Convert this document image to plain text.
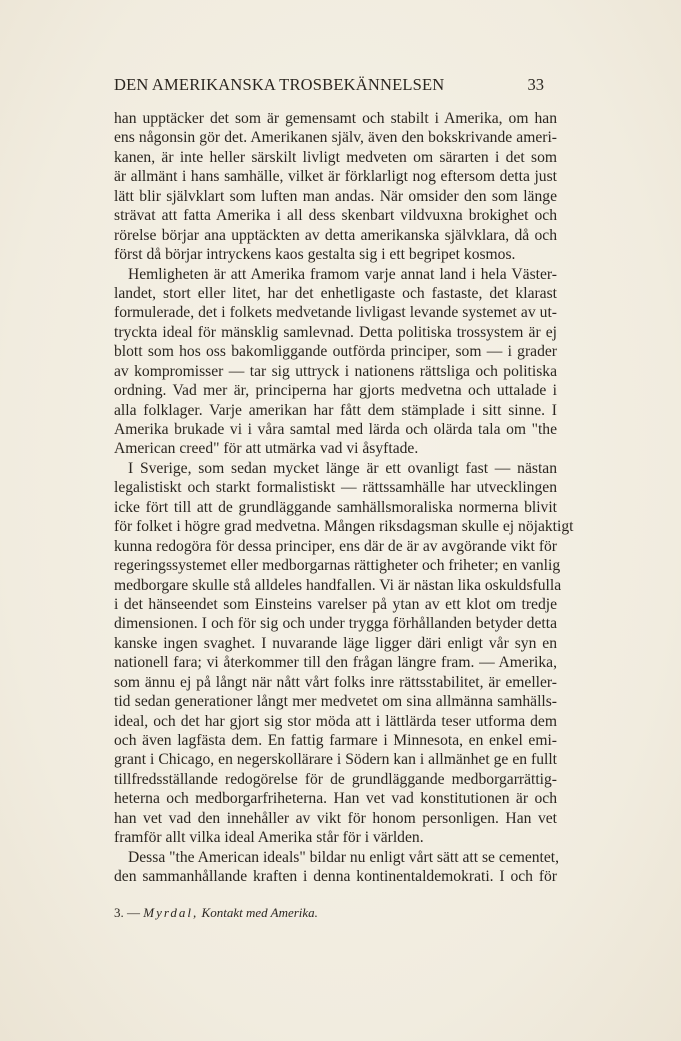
DEN AMERIKANSKA TROSBEKÄNNELSEN	33
han upptäcker det som är gemensamt och stabilt i Amerika, om han
ens någonsin gör det. Amerikanen själv, även den bokskrivande ameri-
kanen, är inte heller särskilt livligt medveten om särarten i det som
är allmänt i hans samhälle, vilket är förklarligt nog eftersom detta just
lätt blir självklart som luften man andas. När omsider den som länge
strävat att fatta Amerika i all dess skenbart vildvuxna brokighet och
rörelse börjar ana upptäckten av detta amerikanska självklara, då och
först då börjar intryckens kaos gestalta sig i ett begripet kosmos.
Hemligheten är att Amerika framom varje annat land i hela Väster-
landet, stort eller litet, har det enhetligaste och fastaste, det klarast
formulerade, det i folkets medvetande livligast levande systemet av ut-
tryckta ideal för mänsklig samlevnad. Detta politiska trossystem är ej
blott som hos oss bakomliggande outförda principer, som — i grader
av kompromisser — tar sig uttryck i nationens rättsliga och politiska
ordning. Vad mer är, principerna har gjorts medvetna och uttalade i
alla folklager. Varje amerikan har fått dem stämplade i sitt sinne. I
Amerika brukade vi i våra samtal med lärda och olärda tala om "the
American creed" för att utmärka vad vi åsyftade.
I Sverige, som sedan mycket länge är ett ovanligt fast — nästan
legalistiskt och starkt formalistiskt — rättssamhälle har utvecklingen
icke fört till att de grundläggande samhällsmoraliska normerna blivit
för folket i högre grad medvetna. Mången riksdagsman skulle ej nöjaktigt
kunna redogöra för dessa principer, ens där de är av avgörande vikt för
regeringssystemet eller medborgarnas rättigheter och friheter; en vanlig
medborgare skulle stå alldeles handfallen. Vi är nästan lika oskuldsfulla
i det hänseendet som Einsteins varelser på ytan av ett klot om tredje
dimensionen. I och för sig och under trygga förhållanden betyder detta
kanske ingen svaghet. I nuvarande läge ligger däri enligt vår syn en
nationell fara; vi återkommer till den frågan längre fram. — Amerika,
som ännu ej på långt när nått vårt folks inre rättsstabilitet, är emeller-
tid sedan generationer långt mer medvetet om sina allmänna samhälls-
ideal, och det har gjort sig stor möda att i lättlärda teser utforma dem
och även lagfästa dem. En fattig farmare i Minnesota, en enkel emi-
grant i Chicago, en negerskollärare i Södern kan i allmänhet ge en fullt
tillfredsställande redogörelse för de grundläggande medborgarrättig-
heterna och medborgarfriheterna. Han vet vad konstitutionen är och
han vet vad den innehåller av vikt för honom personligen. Han vet
framför allt vilka ideal Amerika står för i världen.
Dessa "the American ideals" bildar nu enligt vårt sätt att se cementet,
den sammanhållande kraften i denna kontinentaldemokrati. I och för
3. — Myrdal, Kontakt med Amerika.
